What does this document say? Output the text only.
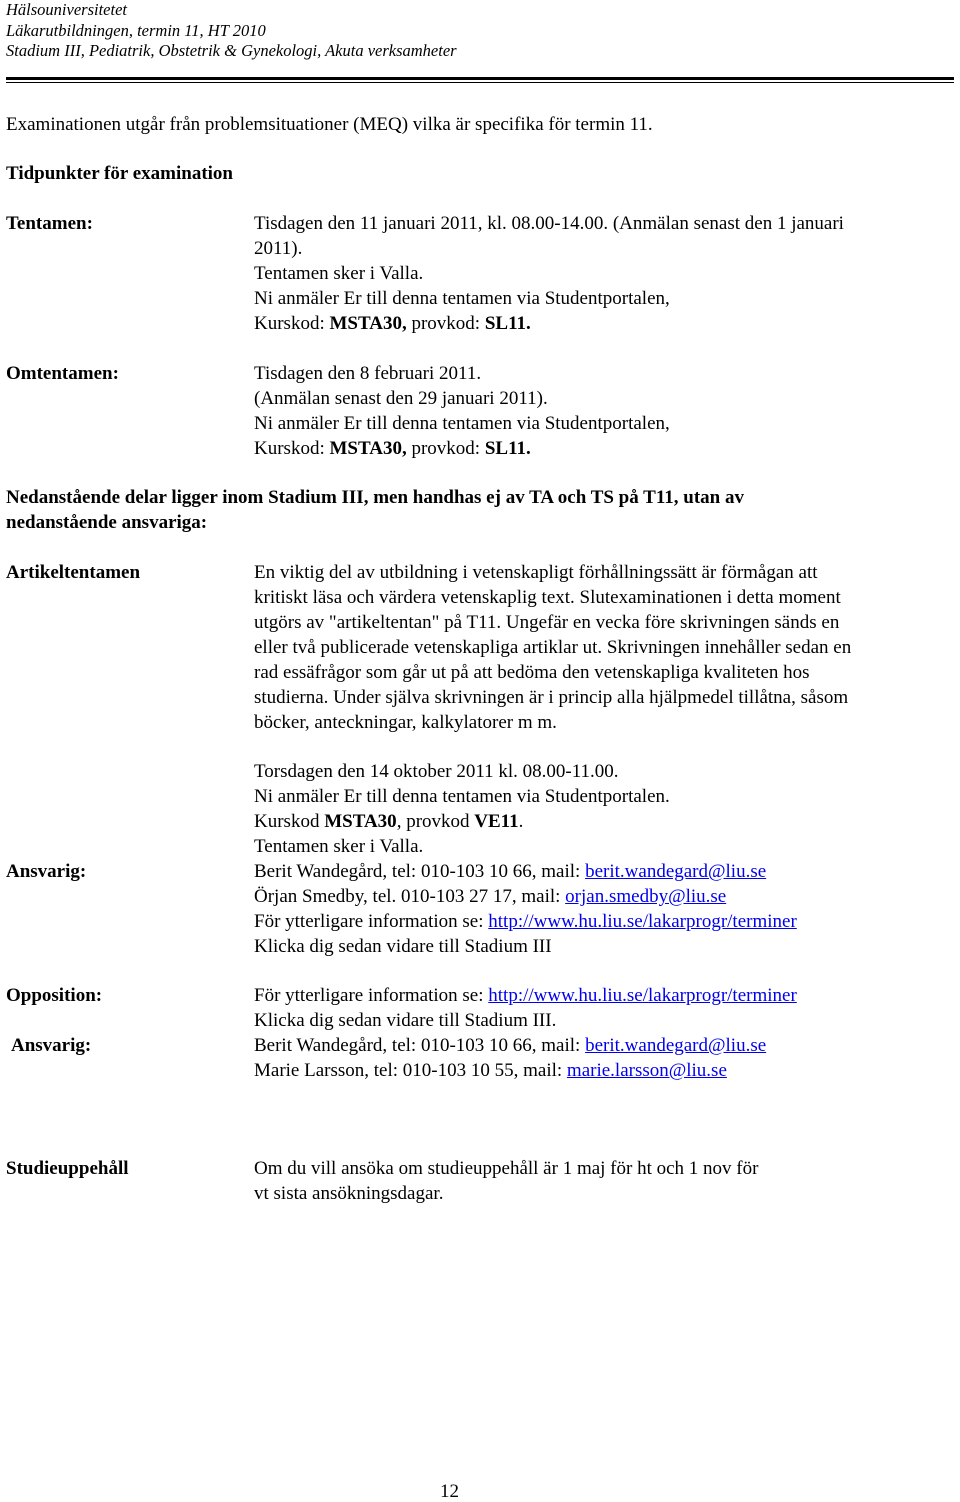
Hälsouniversitetet
Läkarutbildningen, termin 11, HT 2010
Stadium III, Pediatrik, Obstetrik & Gynekologi, Akuta verksamheter
Examinationen utgår från problemsituationer (MEQ) vilka är specifika för termin 11.
Tidpunkter för examination
Tentamen:	Tisdagen den 11 januari 2011, kl. 08.00-14.00. (Anmälan senast den 1 januari
2011).
Tentamen sker i Valla.
Ni anmäler Er till denna tentamen via Studentportalen,
Kurskod: MSTA30, provkod: SL11.
Omtentamen:	Tisdagen den 8 februari 2011.
(Anmälan senast den 29 januari 2011).
Ni anmäler Er till denna tentamen via Studentportalen,
Kurskod: MSTA30, provkod: SL11.
Nedanstående delar ligger inom Stadium III, men handhas ej av TA och TS på T11, utan av
nedanstående ansvariga:
Artikeltentamen	En viktig del av utbildning i vetenskapligt förhållningssätt är förmågan att
kritiskt läsa och värdera vetenskaplig text. Slutexaminationen i detta moment
utgörs av "artikeltentan" på T11. Ungefär en vecka före skrivningen sänds en
eller två publicerade vetenskapliga artiklar ut. Skrivningen innehåller sedan en
rad essäfrågor som går ut på att bedöma den vetenskapliga kvaliteten hos
studierna. Under själva skrivningen är i princip alla hjälpmedel tillåtna, såsom
böcker, anteckningar, kalkylatorer m m.
Torsdagen den 14 oktober 2011 kl. 08.00-11.00.
Ni anmäler Er till denna tentamen via Studentportalen.
Kurskod MSTA30, provkod VE11.
Tentamen sker i Valla.
Ansvarig:	Berit Wandegård, tel: 010-103 10 66, mail: berit.wandegard@liu.se
Örjan Smedby, tel. 010-103 27 17, mail: orjan.smedby@liu.se
För ytterligare information se: http://www.hu.liu.se/lakarprogr/terminer
Klicka dig sedan vidare till Stadium III
Opposition:	För ytterligare information se: http://www.hu.liu.se/lakarprogr/terminer
Klicka dig sedan vidare till Stadium III.
Ansvarig:	Berit Wandegård, tel: 010-103 10 66, mail: berit.wandegard@liu.se
Marie Larsson, tel: 010-103 10 55, mail: marie.larsson@liu.se
Studieuppehåll	Om du vill ansöka om studieuppehåll är 1 maj för ht och 1 nov för
vt sista ansökningsdagar.
12
